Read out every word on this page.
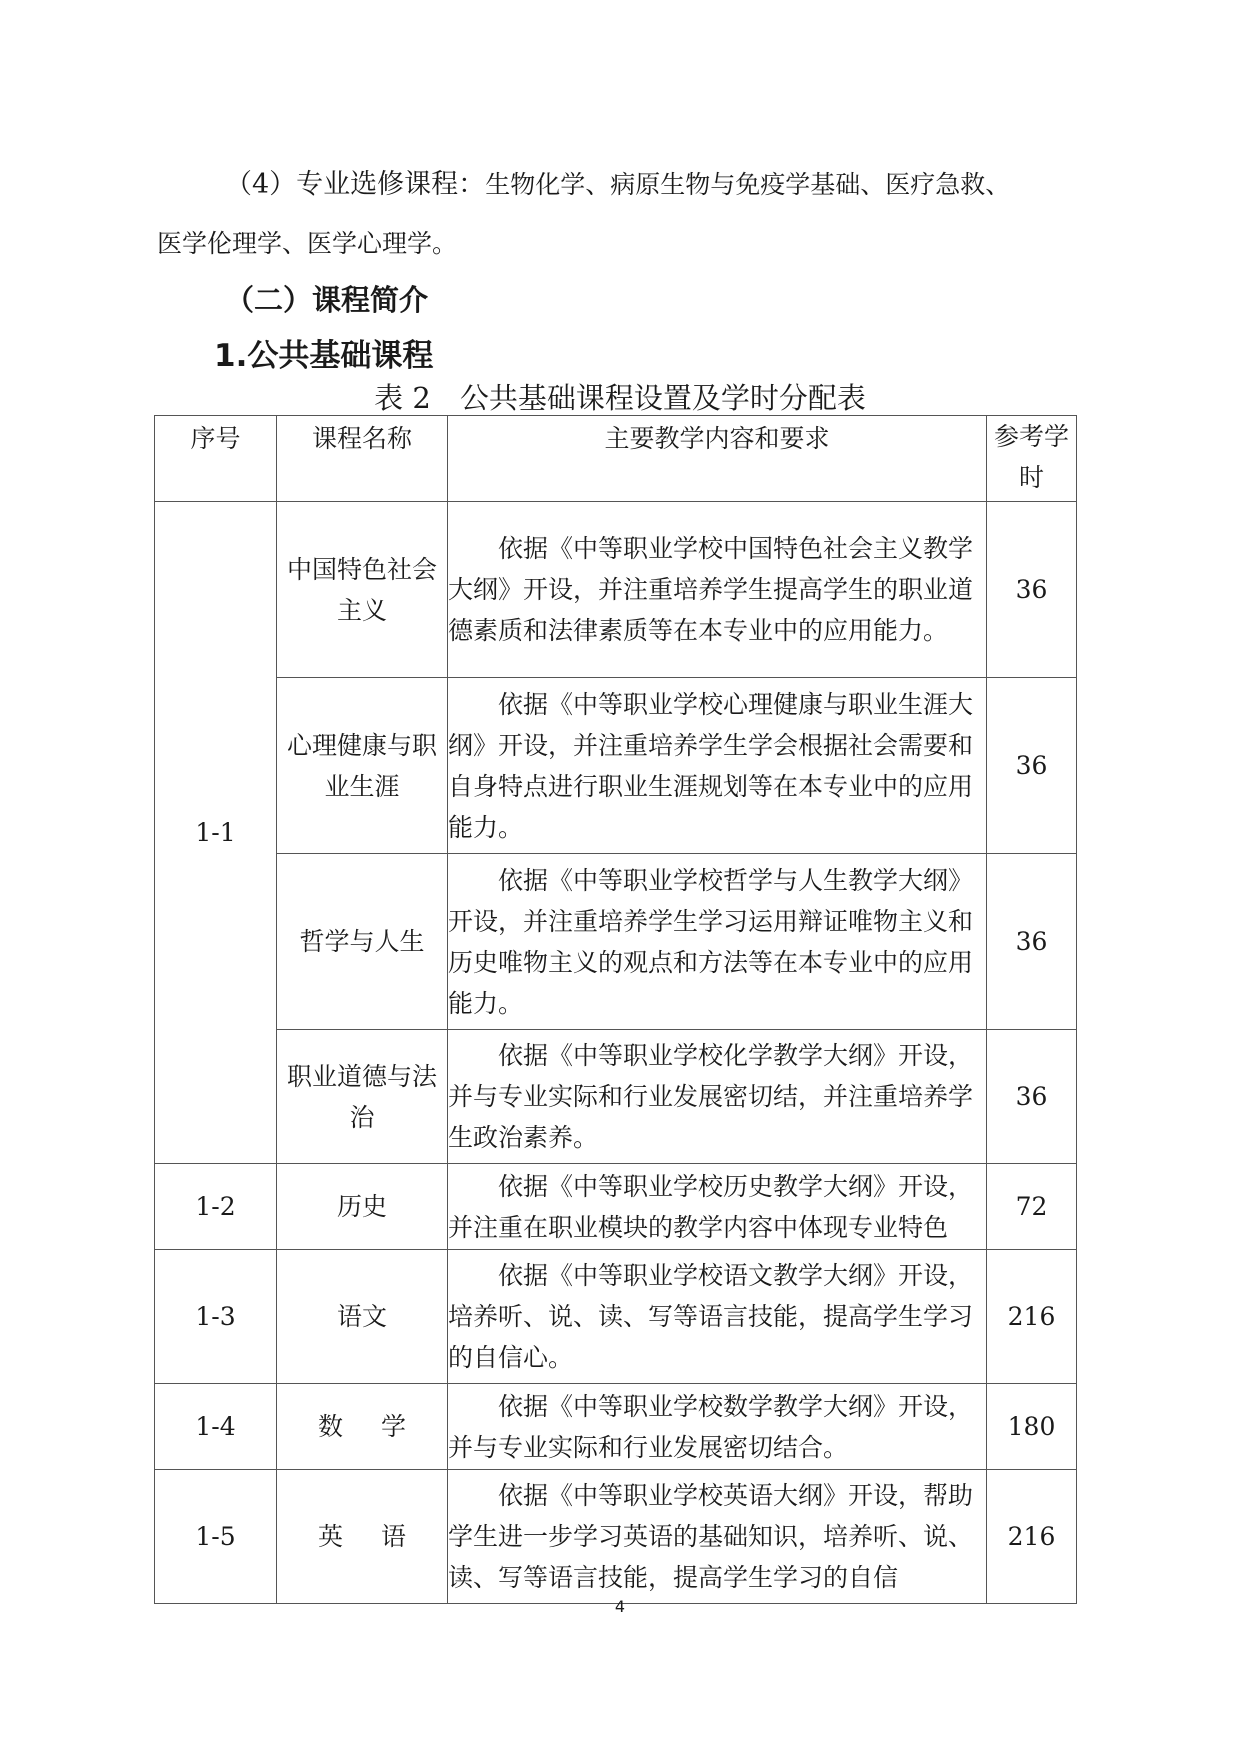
（4）专业选修课程：生物化学、病原生物与免疫学基础、医疗急救、
医学伦理学、医学心理学。
（二）课程简介
1.公共基础课程
表 2　公共基础课程设置及学时分配表
序号	课程名称	主要教学内容和要求	参考学时
1-1	中国特色社会主义	依据《中等职业学校中国特色社会主义教学大纲》开设，并注重培养学生提高学生的职业道德素质和法律素质等在本专业中的应用能力。	36
	心理健康与职业生涯	依据《中等职业学校心理健康与职业生涯大纲》开设，并注重培养学生学会根据社会需要和自身特点进行职业生涯规划等在本专业中的应用能力。	36
	哲学与人生	依据《中等职业学校哲学与人生教学大纲》开设，并注重培养学生学习运用辩证唯物主义和历史唯物主义的观点和方法等在本专业中的应用能力。	36
	职业道德与法治	依据《中等职业学校化学教学大纲》开设，并与专业实际和行业发展密切结，并注重培养学生政治素养。	36
1-2	历史	依据《中等职业学校历史教学大纲》开设，并注重在职业模块的教学内容中体现专业特色	72
1-3	语文	依据《中等职业学校语文教学大纲》开设，培养听、说、读、写等语言技能，提高学生学习的自信心。	216
1-4	数学	依据《中等职业学校数学教学大纲》开设，并与专业实际和行业发展密切结合。	180
1-5	英语	依据《中等职业学校英语大纲》开设，帮助学生进一步学习英语的基础知识，培养听、说、读、写等语言技能，提高学生学习的自信	216
4
